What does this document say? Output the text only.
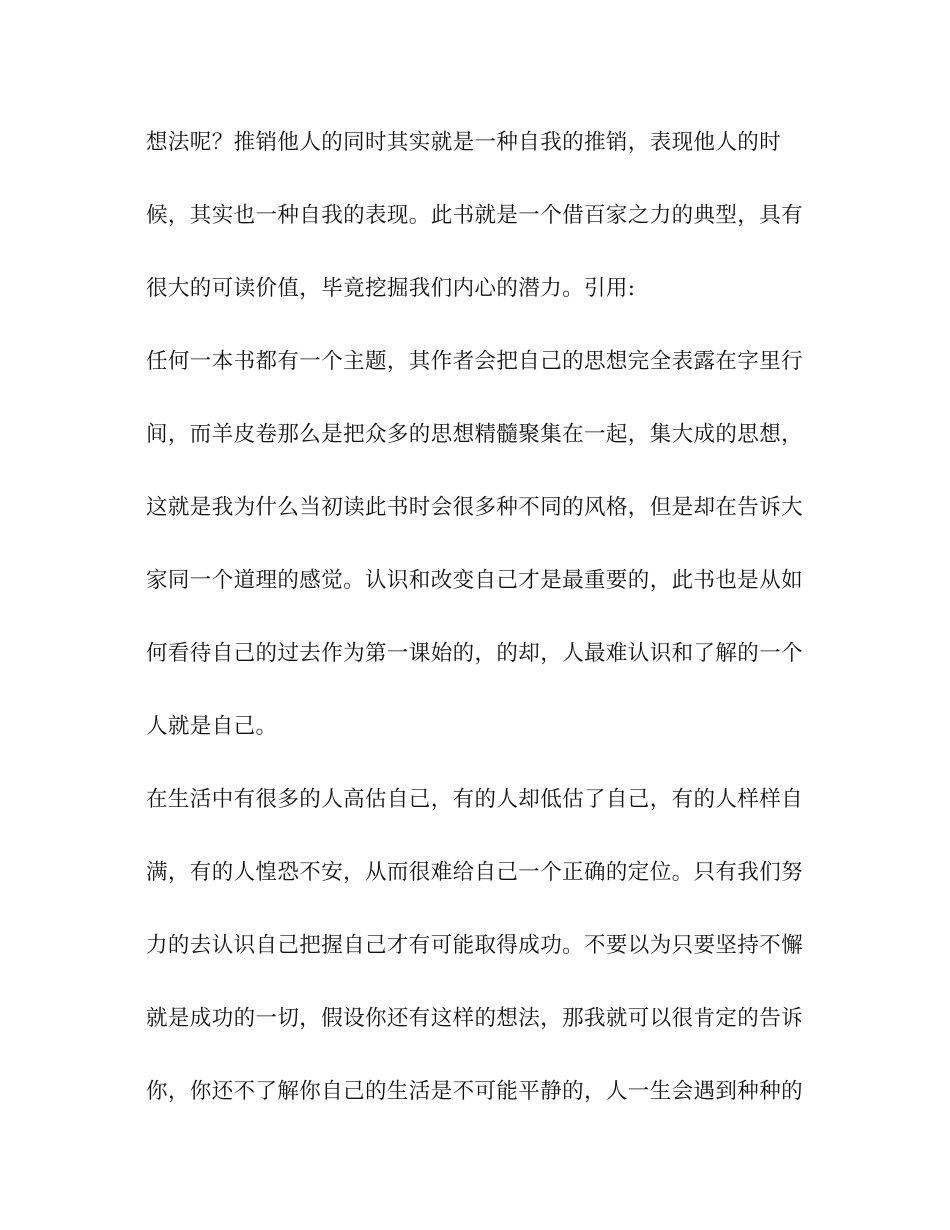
想法呢？推销他人的同时其实就是一种自我的推销，表现他人的时
候，其实也一种自我的表现。此书就是一个借百家之力的典型，具有
很大的可读价值，毕竟挖掘我们内心的潜力。引用:
任何一本书都有一个主题，其作者会把自己的思想完全表露在字里行
间，而羊皮卷那么是把众多的思想精髓聚集在一起，集大成的思想，
这就是我为什么当初读此书时会很多种不同的风格，但是却在告诉大
家同一个道理的感觉。认识和改变自己才是最重要的，此书也是从如
何看待自己的过去作为第一课始的，的却，人最难认识和了解的一个
人就是自己。
在生活中有很多的人高估自己，有的人却低估了自己，有的人样样自
满，有的人惶恐不安，从而很难给自己一个正确的定位。只有我们努
力的去认识自己把握自己才有可能取得成功。不要以为只要坚持不懈
就是成功的一切，假设你还有这样的想法，那我就可以很肯定的告诉
你，你还不了解你自己的生活是不可能平静的，人一生会遇到种种的
